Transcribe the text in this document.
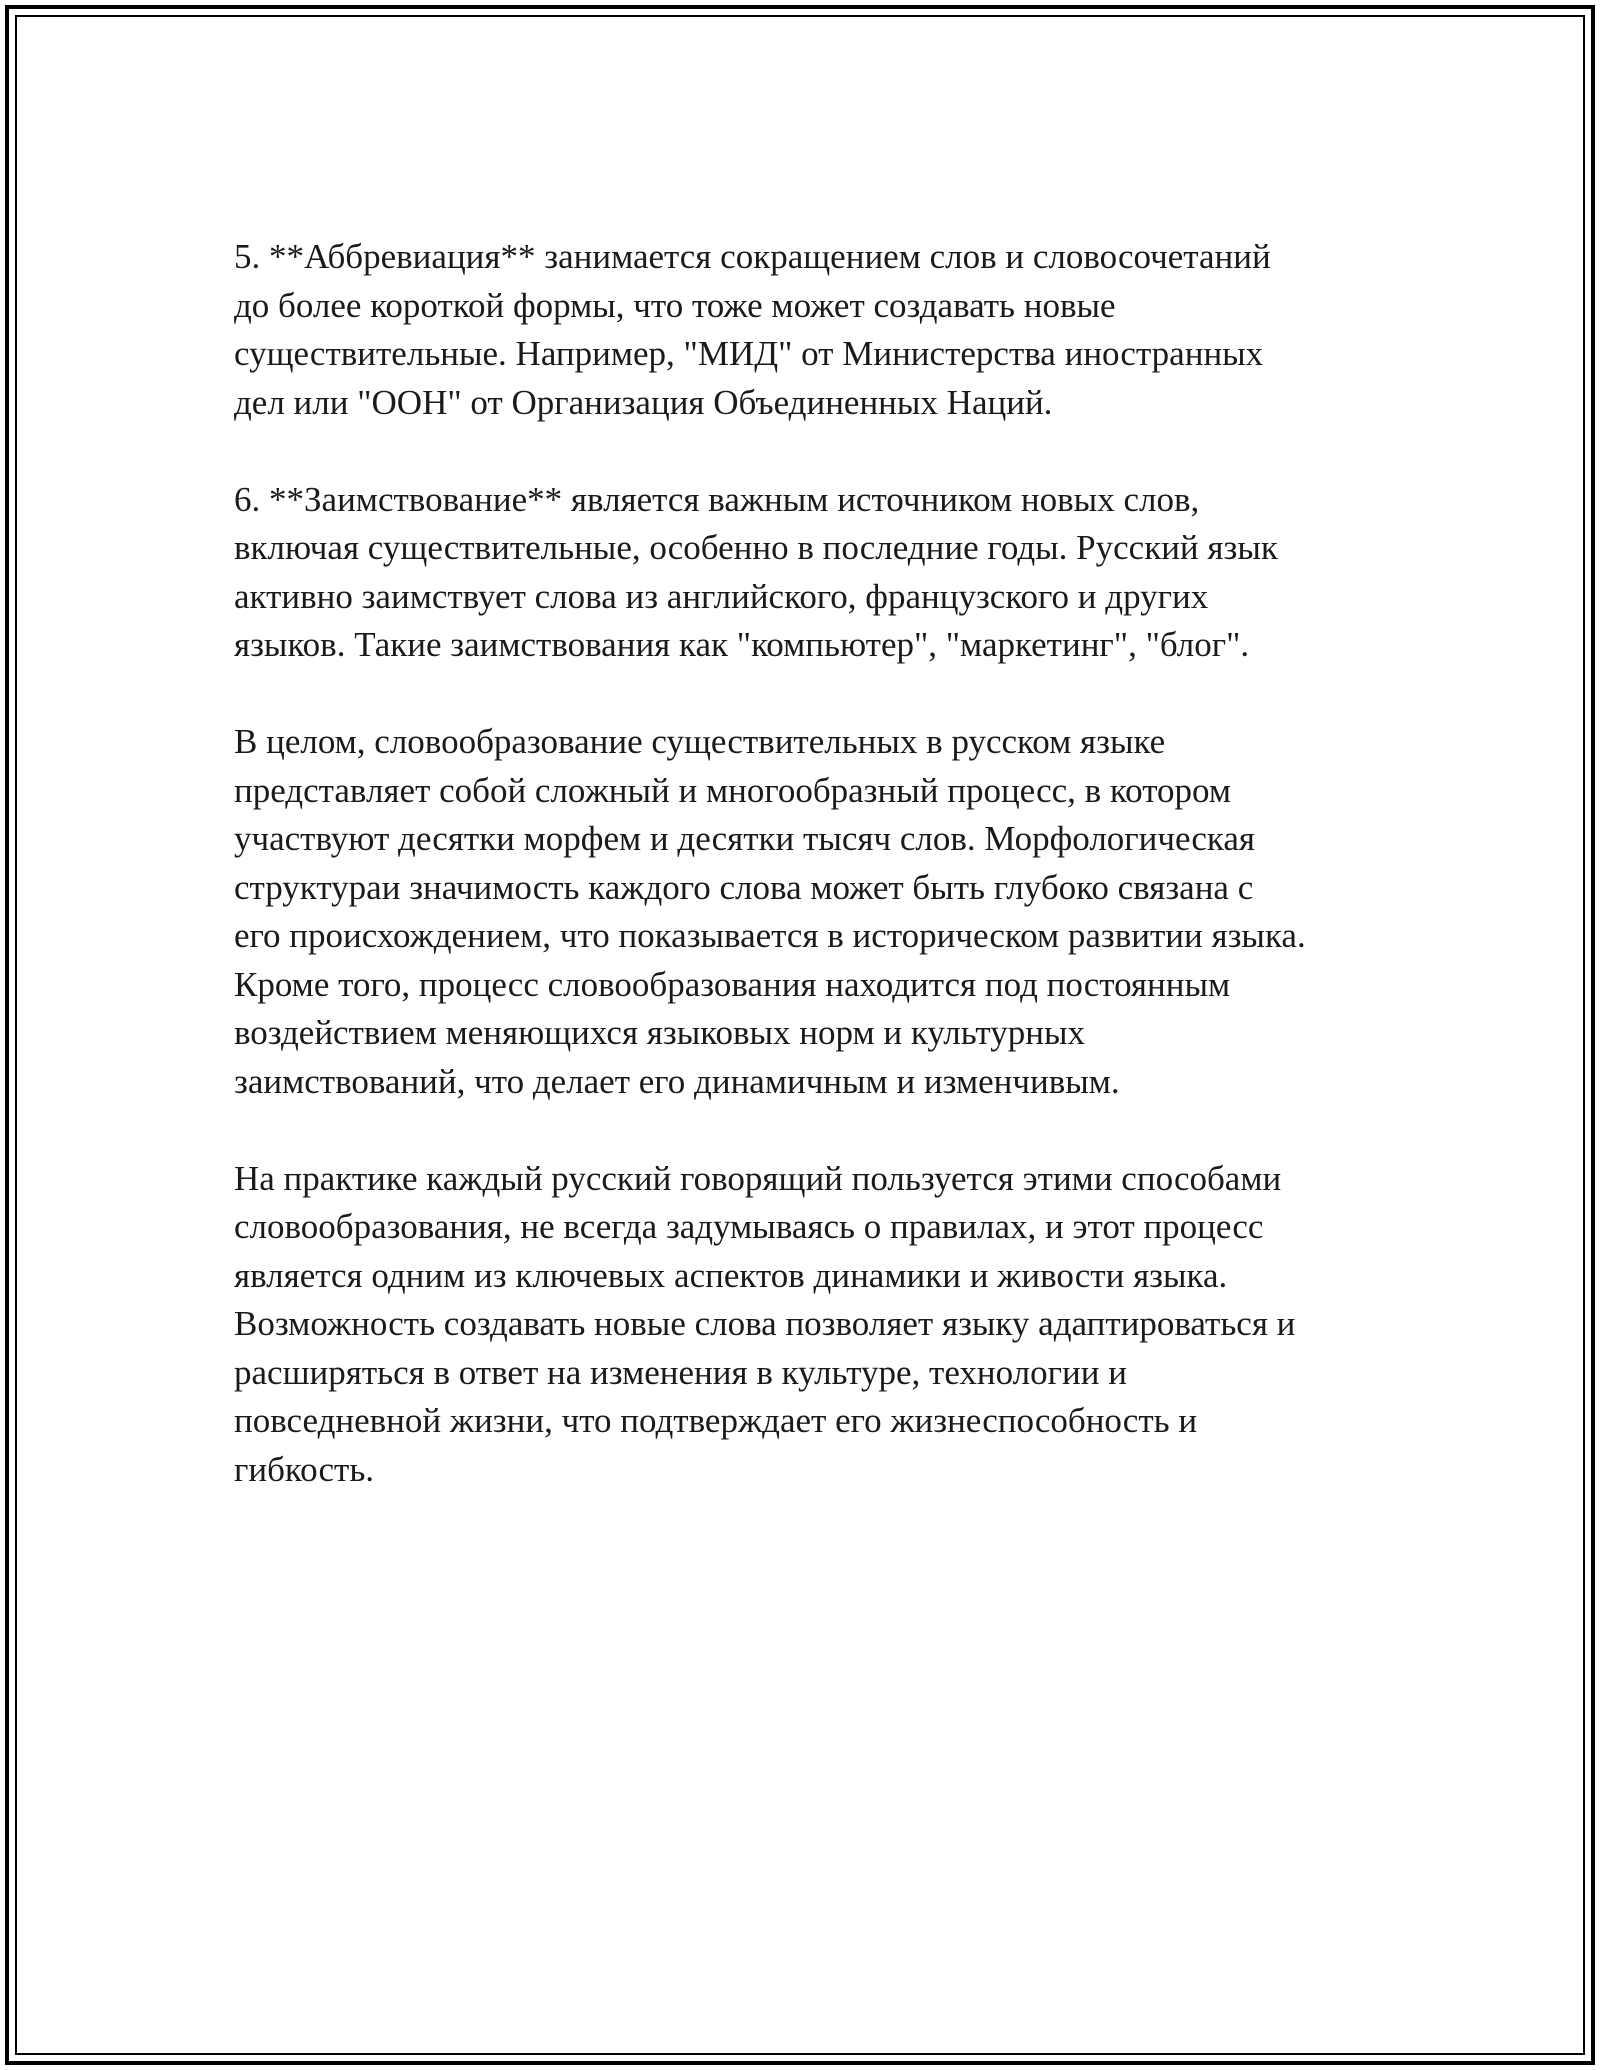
5. **Аббревиация** занимается сокращением слов и словосочетаний
до более короткой формы, что тоже может создавать новые
существительные. Например, "МИД" от Министерства иностранных
дел или "ООН" от Организация Объединенных Наций.

6. **Заимствование** является важным источником новых слов,
включая существительные, особенно в последние годы. Русский язык
активно заимствует слова из английского, французского и других
языков. Такие заимствования как "компьютер", "маркетинг", "блог".

В целом, словообразование существительных в русском языке
представляет собой сложный и многообразный процесс, в котором
участвуют десятки морфем и десятки тысяч слов. Морфологическая
структураи значимость каждого слова может быть глубоко связана с
его происхождением, что показывается в историческом развитии языка.
Кроме того, процесс словообразования находится под постоянным
воздействием меняющихся языковых норм и культурных
заимствований, что делает его динамичным и изменчивым.

На практике каждый русский говорящий пользуется этими способами
словообразования, не всегда задумываясь о правилах, и этот процесс
является одним из ключевых аспектов динамики и живости языка.
Возможность создавать новые слова позволяет языку адаптироваться и
расширяться в ответ на изменения в культуре, технологии и
повседневной жизни, что подтверждает его жизнеспособность и
гибкость.
